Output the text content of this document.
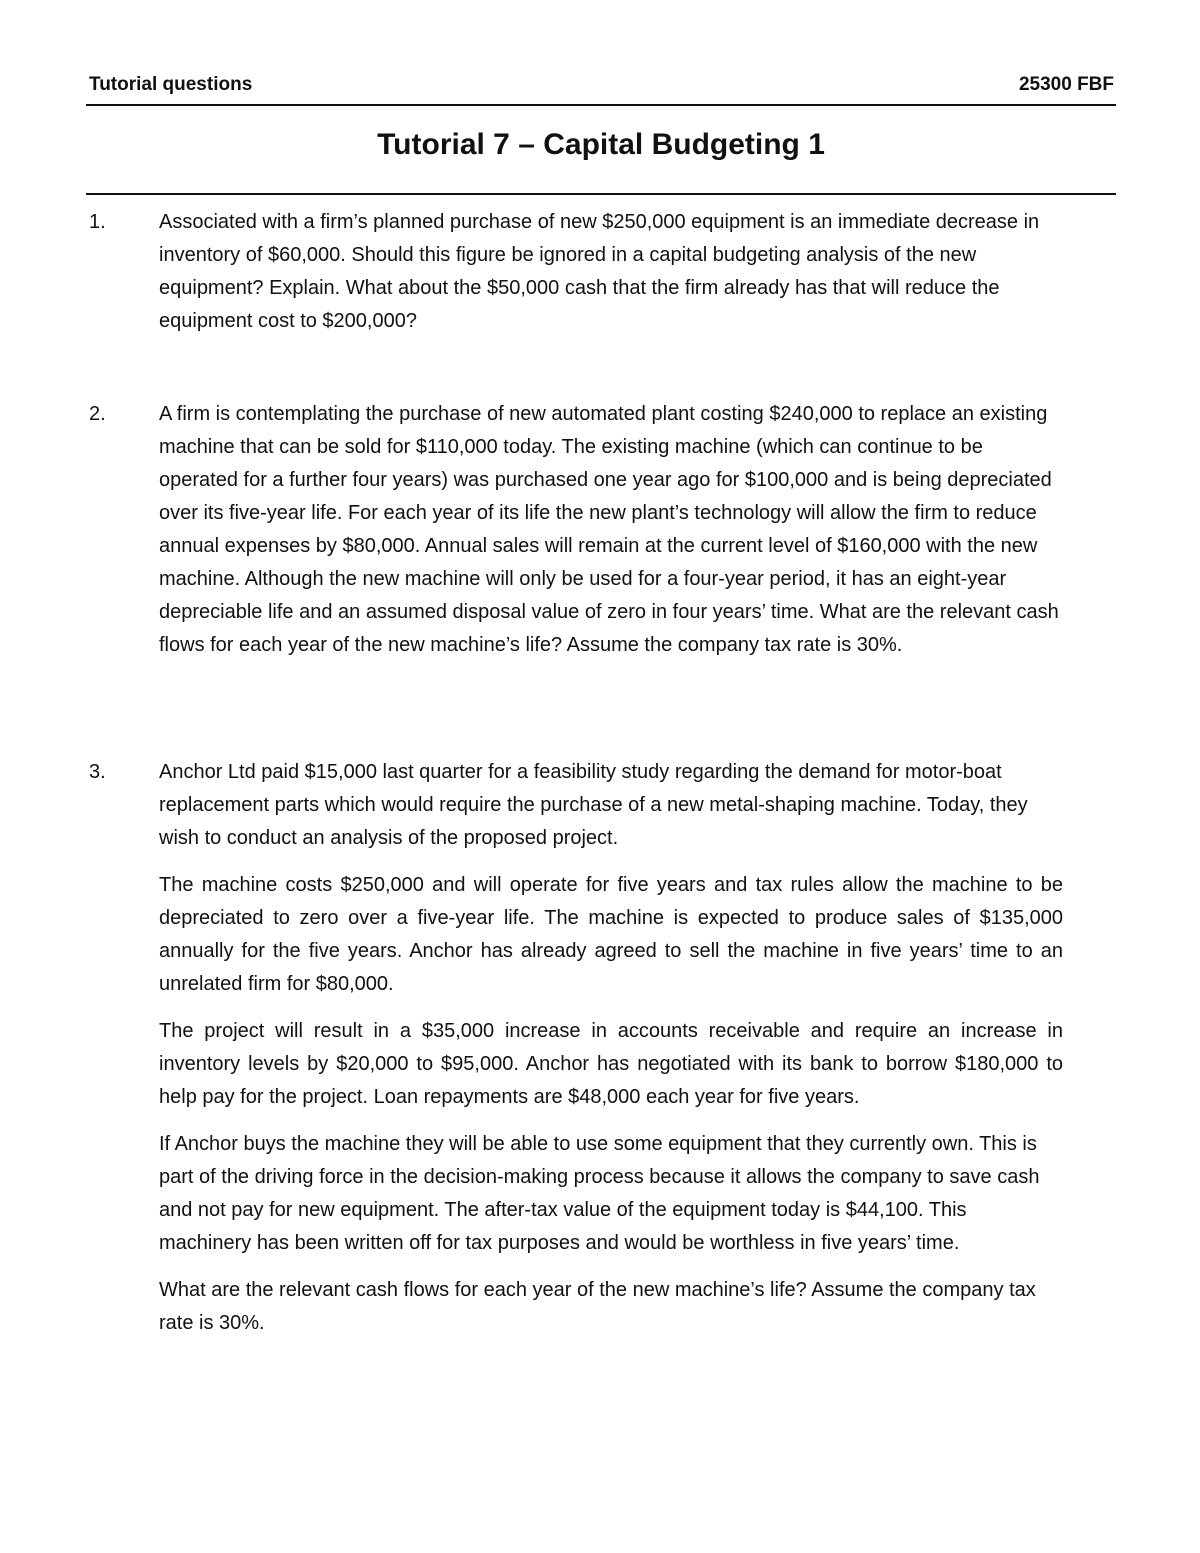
Tutorial questions	25300 FBF
Tutorial 7 – Capital Budgeting 1
1.	Associated with a firm’s planned purchase of new $250,000 equipment is an immediate decrease in inventory of $60,000. Should this figure be ignored in a capital budgeting analysis of the new equipment? Explain. What about the $50,000 cash that the firm already has that will reduce the equipment cost to $200,000?

2.	A firm is contemplating the purchase of new automated plant costing $240,000 to replace an existing machine that can be sold for $110,000 today. The existing machine (which can continue to be operated for a further four years) was purchased one year ago for $100,000 and is being depreciated over its five-year life. For each year of its life the new plant’s technology will allow the firm to reduce annual expenses by $80,000. Annual sales will remain at the current level of $160,000 with the new machine. Although the new machine will only be used for a four-year period, it has an eight-year depreciable life and an assumed disposal value of zero in four years’ time. What are the relevant cash flows for each year of the new machine’s life? Assume the company tax rate is 30%.

3.	Anchor Ltd paid $15,000 last quarter for a feasibility study regarding the demand for motor-boat replacement parts which would require the purchase of a new metal-shaping machine. Today, they wish to conduct an analysis of the proposed project.

The machine costs $250,000 and will operate for five years and tax rules allow the machine to be depreciated to zero over a five-year life. The machine is expected to produce sales of $135,000 annually for the five years. Anchor has already agreed to sell the machine in five years’ time to an unrelated firm for $80,000.

The project will result in a $35,000 increase in accounts receivable and require an increase in inventory levels by $20,000 to $95,000. Anchor has negotiated with its bank to borrow $180,000 to help pay for the project. Loan repayments are $48,000 each year for five years.

If Anchor buys the machine they will be able to use some equipment that they currently own. This is part of the driving force in the decision-making process because it allows the company to save cash and not pay for new equipment. The after-tax value of the equipment today is $44,100. This machinery has been written off for tax purposes and would be worthless in five years’ time.

What are the relevant cash flows for each year of the new machine’s life? Assume the company tax rate is 30%.
